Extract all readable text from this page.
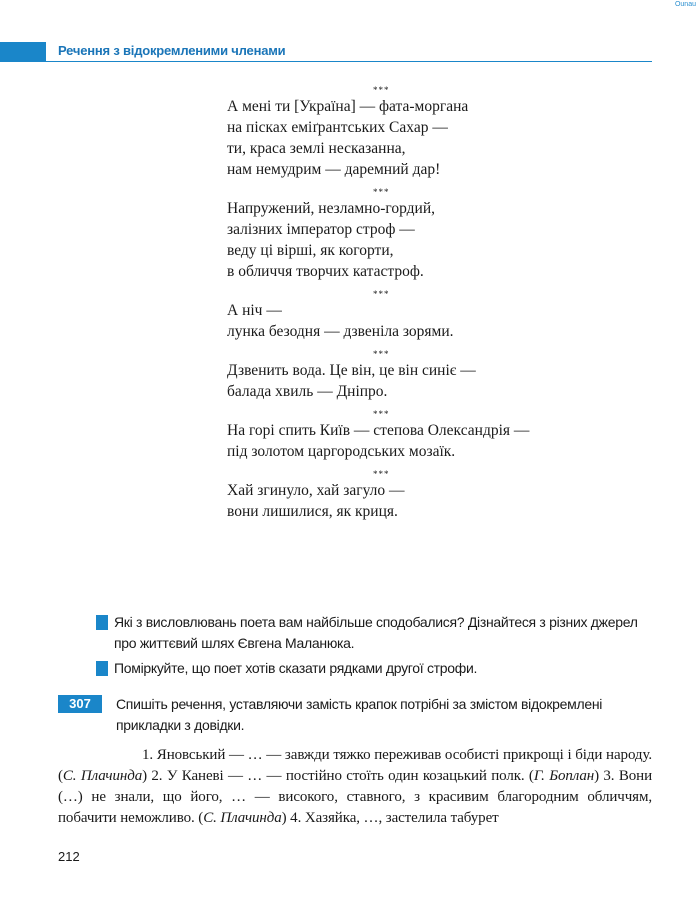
Ounau
Речення з відокремленими членами
***
А мені ти [Україна] — фата-моргана
на пісках еміґрантських Сахар —
ти, краса землі несказанна,
нам немудрим — даремний дар!
***
Напружений, незламно-гордий,
залізних імператор строф —
веду ці вірші, як когорти,
в обличчя творчих катастроф.
***
А ніч —
лунка безодня — дзвеніла зорями.
***
Дзвенить вода. Це він, це він синіє —
балада хвиль — Дніпро.
***
На горі спить Київ — степова Олександрія —
під золотом царгородських мозаїк.
***
Хай згинуло, хай загуло —
вони лишилися, як криця.
Які з висловлювань поета вам найбільше сподобалися? Дізнайтеся з різних джерел про життєвий шлях Євгена Маланюка.
Поміркуйте, що поет хотів сказати рядками другої строфи.
307	Спишіть речення, уставляючи замість крапок потрібні за змістом відокремлені прикладки з довідки.
1. Яновський — … — завжди тяжко переживав особисті прикрощі і біди народу. (С. Плачинда) 2. У Каневі — … — постійно стоїть один козацький полк. (Г. Боплан) 3. Вони (…) не знали, що його, … — високого, ставного, з красивим благородним обличчям, побачити неможливо. (С. Плачинда) 4. Хазяйка, …, застелила табурет
212
